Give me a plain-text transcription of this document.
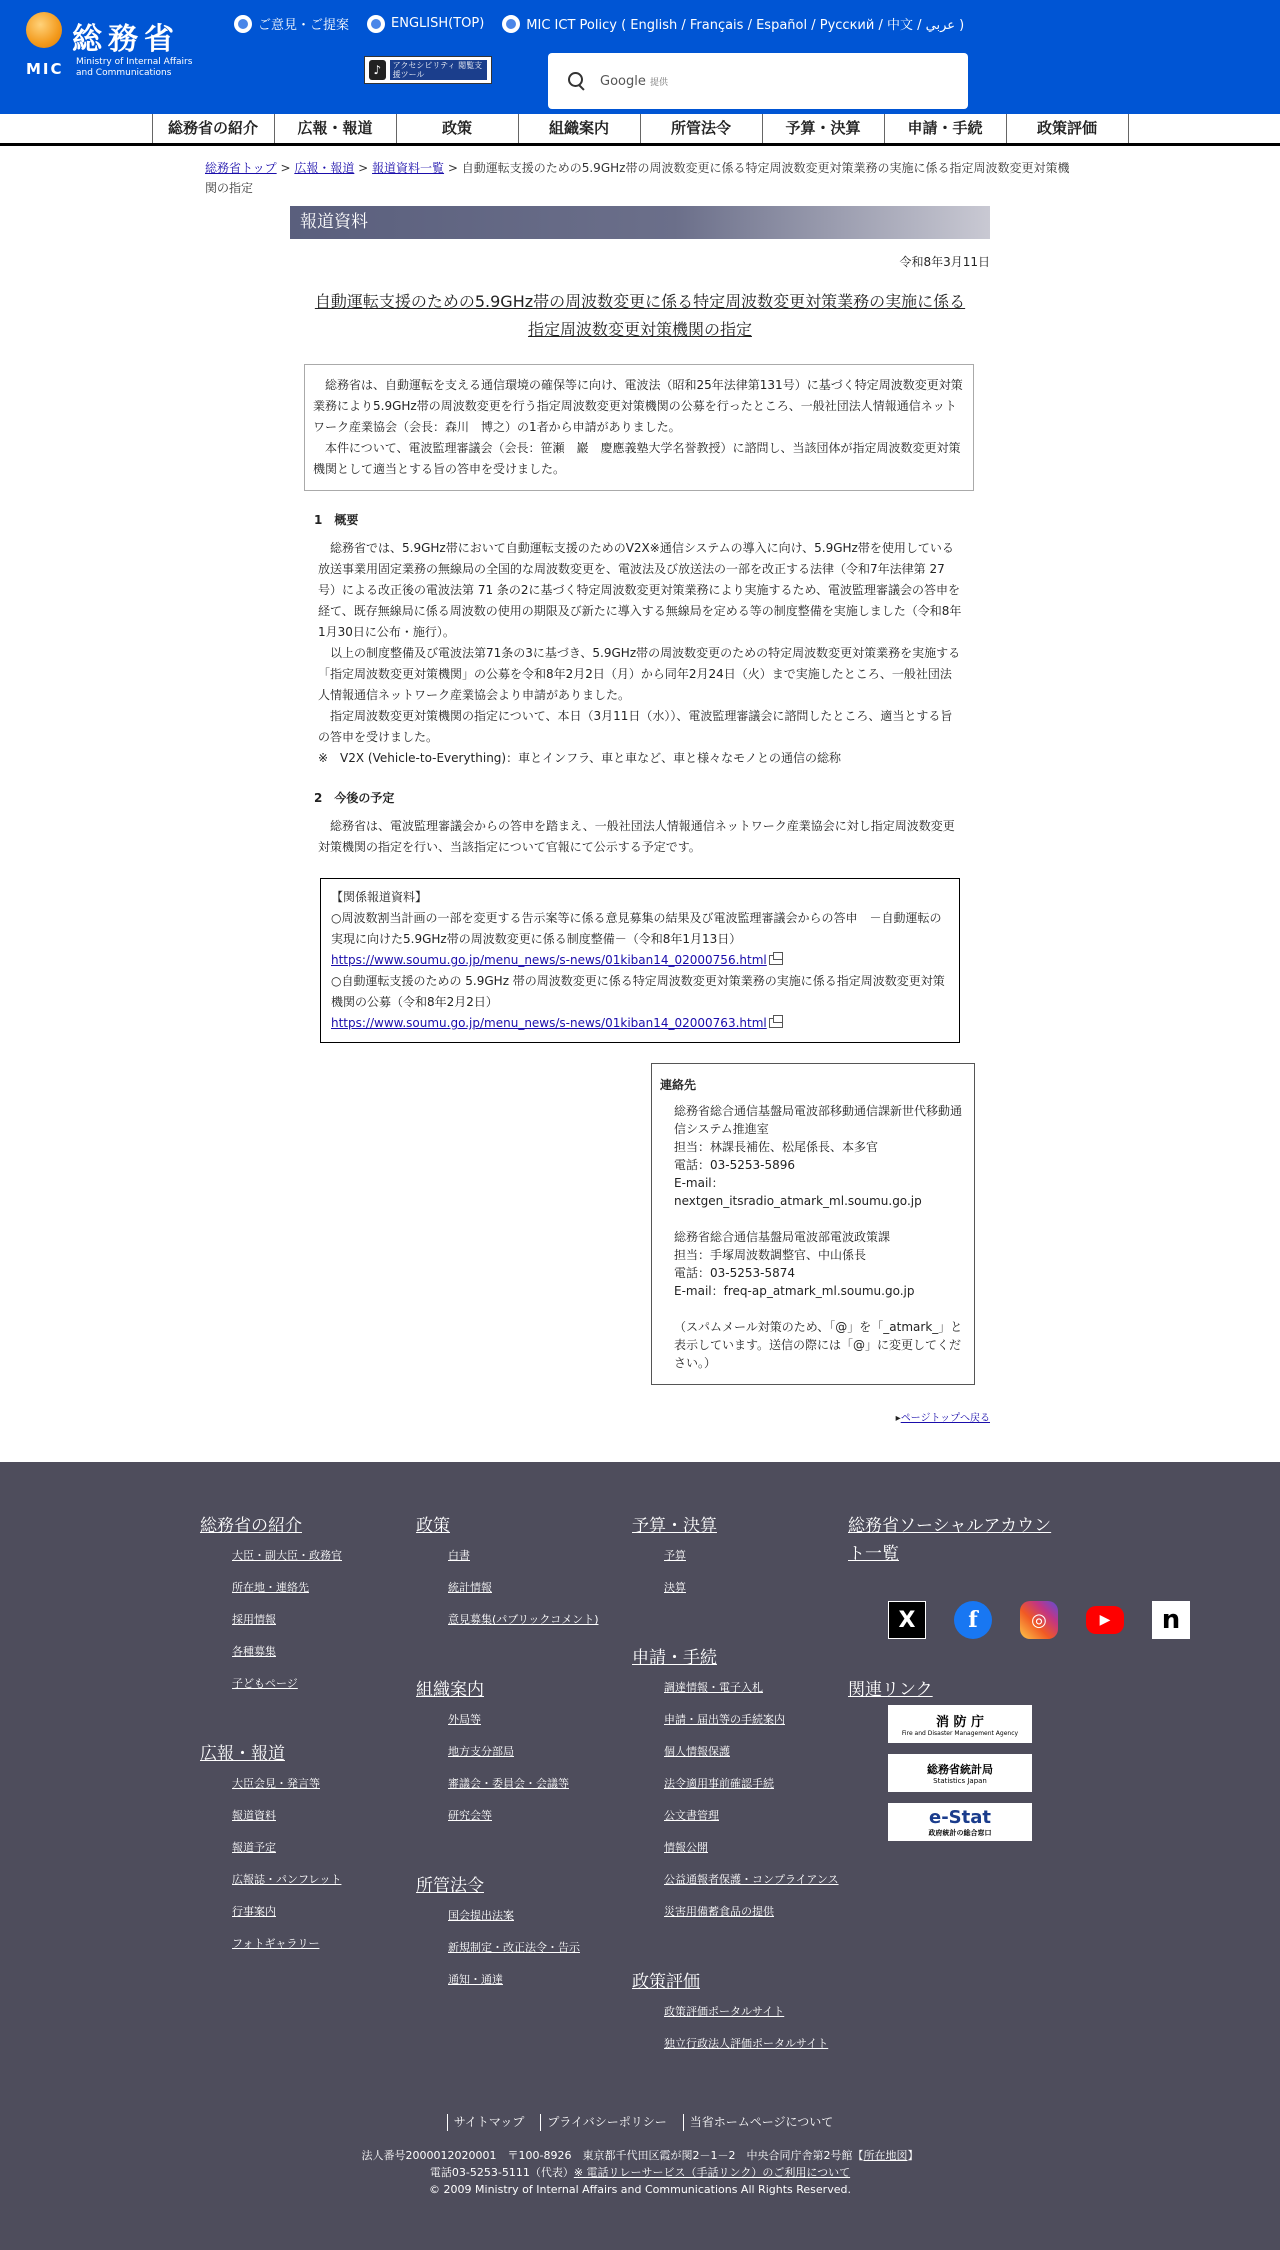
総務省
MIC Ministry of Internal Affairs
and Communications
ご意見・ご提案	ENGLISH(TOP)	MIC ICT Policy ( English / Français / Español / Русский / 中文 / عربي )
♪	アクセシビリティ 閲覧支援ツール	Google 提供
総務省の紹介	広報・報道	政策	組織案内	所管法令	予算・決算	申請・手続	政策評価
総務省トップ > 広報・報道 > 報道資料一覧 > 自動運転支援のための5.9GHz帯の周波数変更に係る特定周波数変更対策業務の実施に係る指定周波数変更対策機関の指定
報道資料
令和8年3月11日
自動運転支援のための5.9GHz帯の周波数変更に係る特定周波数変更対策業務の実施に係る
指定周波数変更対策機関の指定

総務省は、自動運転を支える通信環境の確保等に向け、電波法（昭和25年法律第131号）に基づく特定周波数変更対策業務により5.9GHz帯の周波数変更を行う指定周波数変更対策機関の公募を行ったところ、一般社団法人情報通信ネットワーク産業協会（会長：森川　博之）の1者から申請がありました。

本件について、電波監理審議会（会長：笹瀬　巖　慶應義塾大学名誉教授）に諮問し、当該団体が指定周波数変更対策機関として適当とする旨の答申を受けました。

1　概要

総務省では、5.9GHz帯において自動運転支援のためのV2X※通信システムの導入に向け、5.9GHz帯を使用している放送事業用固定業務の無線局の全国的な周波数変更を、電波法及び放送法の一部を改正する法律（令和7年法律第 27 号）による改正後の電波法第 71 条の2に基づく特定周波数変更対策業務により実施するため、電波監理審議会の答申を経て、既存無線局に係る周波数の使用の期限及び新たに導入する無線局を定める等の制度整備を実施しました（令和8年1月30日に公布・施行）。

以上の制度整備及び電波法第71条の3に基づき、5.9GHz帯の周波数変更のための特定周波数変更対策業務を実施する「指定周波数変更対策機関」の公募を令和8年2月2日（月）から同年2月24日（火）まで実施したところ、一般社団法人情報通信ネットワーク産業協会より申請がありました。

指定周波数変更対策機関の指定について、本日（3月11日（水））、電波監理審議会に諮問したところ、適当とする旨の答申を受けました。

※　V2X (Vehicle-to-Everything)：車とインフラ、車と車など、車と様々なモノとの通信の総称

2　今後の予定

総務省は、電波監理審議会からの答申を踏まえ、一般社団法人情報通信ネットワーク産業協会に対し指定周波数変更対策機関の指定を行い、当該指定について官報にて公示する予定です。

【関係報道資料】
○周波数割当計画の一部を変更する告示案等に係る意見募集の結果及び電波監理審議会からの答申　－自動運転の実現に向けた5.9GHz帯の周波数変更に係る制度整備－（令和8年1月13日）
https://www.soumu.go.jp/menu_news/s-news/01kiban14_02000756.html
○自動運転支援のための 5.9GHz 帯の周波数変更に係る特定周波数変更対策業務の実施に係る指定周波数変更対策機関の公募（令和8年2月2日）
https://www.soumu.go.jp/menu_news/s-news/01kiban14_02000763.html
連絡先

総務省総合通信基盤局電波部移動通信課新世代移動通信システム推進室

担当：林課長補佐、松尾係長、本多官

電話：03-5253-5896

E-mail：nextgen_itsradio_atmark_ml.soumu.go.jp

総務省総合通信基盤局電波部電波政策課

担当：手塚周波数調整官、中山係長

電話：03-5253-5874

E-mail：freq-ap_atmark_ml.soumu.go.jp

（スパムメール対策のため、「@」を「_atmark_」と表示しています。送信の際には「@」に変更してください。）

▸ページトップへ戻る
総務省の紹介
大臣・副大臣・政務官
所在地・連絡先
採用情報
各種募集
子どもページ
広報・報道
大臣会見・発言等
報道資料
報道予定
広報誌・パンフレット
行事案内
フォトギャラリー
政策
白書
統計情報
意見募集(パブリックコメント)
組織案内
外局等
地方支分部局
審議会・委員会・会議等
研究会等
所管法令
国会提出法案
新規制定・改正法令・告示
通知・通達
予算・決算
予算
決算
申請・手続
調達情報・電子入札
申請・届出等の手続案内
個人情報保護
法令適用事前確認手続
公文書管理
情報公開
公益通報者保護・コンプライアンス
災害用備蓄食品の提供
政策評価
政策評価ポータルサイト
独立行政法人評価ポータルサイト
総務省ソーシャルアカウン
ト一覧
X	f	◎	▶	n
関連リンク
消 防 庁
Fire and Disaster Management Agency
総務省統計局
Statistics Japan
e-Stat
政府統計の総合窓口
サイトマップ	プライバシーポリシー	当省ホームページについて
法人番号2000012020001　〒100-8926　東京都千代田区霞が関2－1－2　中央合同庁舎第2号館【所在地図】
電話03-5253-5111（代表）※ 電話リレーサービス（手話リンク）のご利用について
© 2009 Ministry of Internal Affairs and Communications All Rights Reserved.
